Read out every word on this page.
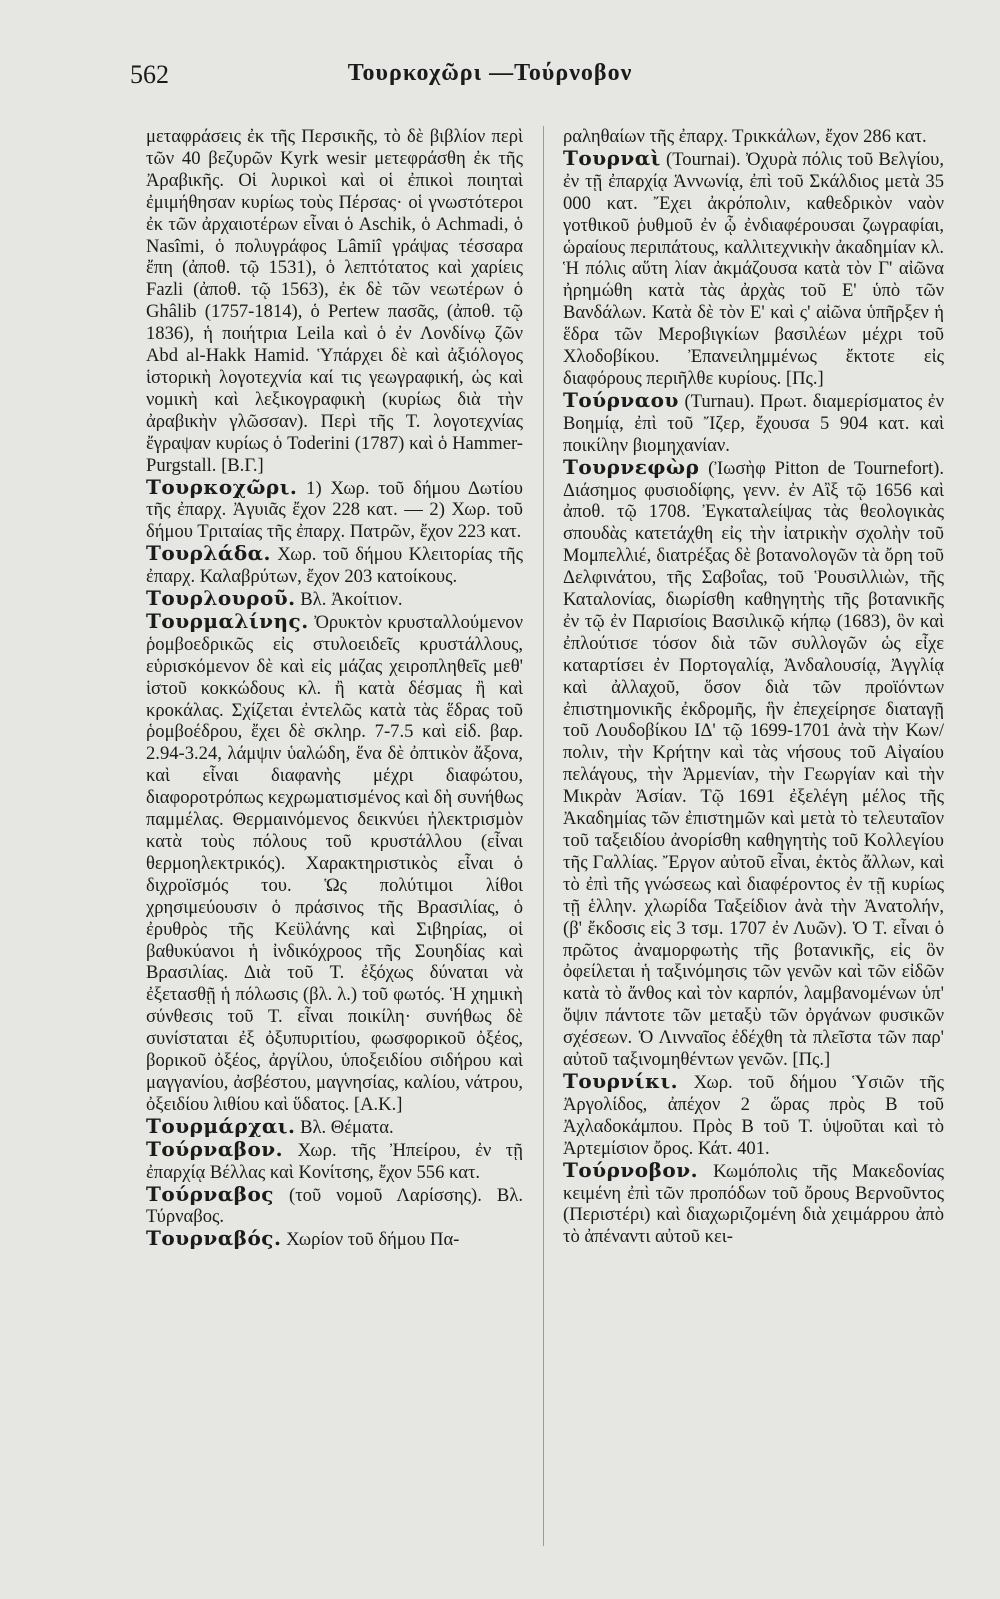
562	Τουρκοχῶρι —Τούρνοβον

μεταφράσεις ἐκ τῆς Περσικῆς, τὸ δὲ βιβλίον περὶ τῶν 40 βεζυρῶν Kyrk wesir μετεφράσθη ἐκ τῆς Ἀραβικῆς. Οἱ λυρικοὶ καὶ οἱ ἐπικοὶ ποιηταὶ ἐμιμήθησαν κυρίως τοὺς Πέρσας· οἱ γνωστότεροι ἐκ τῶν ἀρχαιοτέρων εἶναι ὁ Aschik, ὁ Achmadi, ὁ Nasîmi, ὁ πολυγράφος Lâmiî γράψας τέσσαρα ἔπη (ἀποθ. τῷ 1531), ὁ λεπτότατος καὶ χαρίεις Fazli (ἀποθ. τῷ 1563), ἐκ δὲ τῶν νεωτέρων ὁ Ghâlib (1757-1814), ὁ Pertew πασᾶς, (ἀποθ. τῷ 1836), ἡ ποιήτρια Leila καὶ ὁ ἐν Λονδίνῳ ζῶν Abd al-Hakk Hamid. Ὑπάρχει δὲ καὶ ἀξιόλογος ἱστορικὴ λογοτεχνία καί τις γεωγραφική, ὡς καὶ νομικὴ καὶ λεξικογραφικὴ (κυρίως διὰ τὴν ἀραβικὴν γλῶσσαν). Περὶ τῆς Τ. λογοτεχνίας ἔγραψαν κυρίως ὁ Toderini (1787) καὶ ὁ Hammer-Purgstall. [Β.Γ.]

Τουρκοχῶρι. 1) Χωρ. τοῦ δήμου Δωτίου τῆς ἐπαρχ. Ἀγυιᾶς ἔχον 228 κατ. — 2) Χωρ. τοῦ δήμου Τριταίας τῆς ἐπαρχ. Πατρῶν, ἔχον 223 κατ.

Τουρλάδα. Χωρ. τοῦ δήμου Κλειτορίας τῆς ἐπαρχ. Καλαβρύτων, ἔχον 203 κατοίκους.

Τουρλουροῦ. Βλ. Ἀκοίτιον.

Τουρμαλίνης. Ὀρυκτὸν κρυσταλλούμενον ῥομβοεδρικῶς εἰς στυλοειδεῖς κρυστάλλους, εὑρισκόμενον δὲ καὶ εἰς μάζας χειροπληθεῖς μεθ' ἱστοῦ κοκκώδους κλ. ἢ κατὰ δέσμας ἢ καὶ κροκάλας. Σχίζεται ἐντελῶς κατὰ τὰς ἕδρας τοῦ ῥομβοέδρου, ἔχει δὲ σκληρ. 7-7.5 καὶ εἰδ. βαρ. 2.94-3.24, λάμψιν ὑαλώδη, ἕνα δὲ ὀπτικὸν ἄξονα, καὶ εἶναι διαφανὴς μέχρι διαφώτου, διαφοροτρόπως κεχρωματισμένος καὶ δὴ συνήθως παμμέλας. Θερμαινόμενος δεικνύει ἠλεκτρισμὸν κατὰ τοὺς πόλους τοῦ κρυστάλλου (εἶναι θερμοηλεκτρικός). Χαρακτηριστικὸς εἶναι ὁ διχροϊσμός του. Ὡς πολύτιμοι λίθοι χρησιμεύουσιν ὁ πράσινος τῆς Βρασιλίας, ὁ ἐρυθρὸς τῆς Κεϋλάνης καὶ Σιβηρίας, οἱ βαθυκύανοι ἡ ἰνδικόχροος τῆς Σουηδίας καὶ Βρασιλίας. Διὰ τοῦ Τ. ἐξόχως δύναται νὰ ἐξετασθῇ ἡ πόλωσις (βλ. λ.) τοῦ φωτός. Ἡ χημικὴ σύνθεσις τοῦ Τ. εἶναι ποικίλη· συνήθως δὲ συνίσταται ἐξ ὀξυπυριτίου, φωσφορικοῦ ὀξέος, βορικοῦ ὀξέος, ἀργίλου, ὑποξειδίου σιδήρου καὶ μαγγανίου, ἀσβέστου, μαγνησίας, καλίου, νάτρου, ὀξειδίου λιθίου καὶ ὕδατος. [Α.Κ.]

Τουρμάρχαι. Βλ. Θέματα.

Τούρναβον. Χωρ. τῆς Ἠπείρου, ἐν τῇ ἐπαρχίᾳ Βέλλας καὶ Κονίτσης, ἔχον 556 κατ.

Τούρναβος (τοῦ νομοῦ Λαρίσσης). Βλ. Τύρναβος.

Τουρναβός. Χωρίον τοῦ δήμου Πα-

ραληθαίων τῆς ἐπαρχ. Τρικκάλων, ἔχον 286 κατ.

Τουρναὶ (Tournai). Ὀχυρὰ πόλις τοῦ Βελγίου, ἐν τῇ ἐπαρχίᾳ Ἁννωνίᾳ, ἐπὶ τοῦ Σκάλδιος μετὰ 35 000 κατ. Ἔχει ἀκρόπολιν, καθεδρικὸν ναὸν γοτθικοῦ ῥυθμοῦ ἐν ᾧ ἐνδιαφέρουσαι ζωγραφίαι, ὡραίους περιπάτους, καλλιτεχνικὴν ἀκαδημίαν κλ. Ἡ πόλις αὕτη λίαν ἀκμάζουσα κατὰ τὸν Γ' αἰῶνα ἠρημώθη κατὰ τὰς ἀρχὰς τοῦ Ε' ὑπὸ τῶν Βανδάλων. Κατὰ δὲ τὸν Ε' καὶ ς' αἰῶνα ὑπῆρξεν ἡ ἕδρα τῶν Μεροβιγκίων βασιλέων μέχρι τοῦ Χλοδοβίκου. Ἐπανειλημμένως ἔκτοτε εἰς διαφόρους περιῆλθε κυρίους. [Πς.]

Τούρναου (Turnau). Πρωτ. διαμερίσματος ἐν Βοημίᾳ, ἐπὶ τοῦ Ἴζερ, ἔχουσα 5 904 κατ. καὶ ποικίλην βιομηχανίαν.

Τουρνεφὼρ (Ἰωσὴφ Pitton de Tournefort). Διάσημος φυσιοδίφης, γενν. ἐν Αἲξ τῷ 1656 καὶ ἀποθ. τῷ 1708. Ἐγκαταλείψας τὰς θεολογικὰς σπουδὰς κατετάχθη εἰς τὴν ἰατρικὴν σχολὴν τοῦ Μομπελλιέ, διατρέξας δὲ βοτανολογῶν τὰ ὄρη τοῦ Δελφινάτου, τῆς Σαβοΐας, τοῦ Ῥουσιλλιὼν, τῆς Καταλονίας, διωρίσθη καθηγητὴς τῆς βοτανικῆς ἐν τῷ ἐν Παρισίοις Βασιλικῷ κήπῳ (1683), ὃν καὶ ἐπλούτισε τόσον διὰ τῶν συλλογῶν ὡς εἶχε καταρτίσει ἐν Πορτογαλίᾳ, Ἀνδαλουσίᾳ, Ἀγγλίᾳ καὶ ἀλλαχοῦ, ὅσον διὰ τῶν προϊόντων ἐπιστημονικῆς ἐκδρομῆς, ἣν ἐπεχείρησε διαταγῇ τοῦ Λουδοβίκου ΙΔ' τῷ 1699-1701 ἀνὰ τὴν Κων/πολιν, τὴν Κρήτην καὶ τὰς νήσους τοῦ Αἰγαίου πελάγους, τὴν Ἀρμενίαν, τὴν Γεωργίαν καὶ τὴν Μικρὰν Ἀσίαν. Τῷ 1691 ἐξελέγη μέλος τῆς Ἀκαδημίας τῶν ἐπιστημῶν καὶ μετὰ τὸ τελευταῖον τοῦ ταξειδίου ἀνορίσθη καθηγητὴς τοῦ Κολλεγίου τῆς Γαλλίας. Ἔργον αὐτοῦ εἶναι, ἐκτὸς ἄλλων, καὶ τὸ ἐπὶ τῆς γνώσεως καὶ διαφέροντος ἐν τῇ κυρίως τῇ ἑλλην. χλωρίδα Ταξείδιον ἀνὰ τὴν Ἀνατολήν, (β' ἔκδοσις εἰς 3 τσμ. 1707 ἐν Λυῶν). Ὁ Τ. εἶναι ὁ πρῶτος ἀναμορφωτὴς τῆς βοτανικῆς, εἰς ὃν ὀφείλεται ἡ ταξινόμησις τῶν γενῶν καὶ τῶν εἰδῶν κατὰ τὸ ἄνθος καὶ τὸν καρπόν, λαμβανομένων ὑπ' ὄψιν πάντοτε τῶν μεταξὺ τῶν ὀργάνων φυσικῶν σχέσεων. Ὁ Λινναῖος ἐδέχθη τὰ πλεῖστα τῶν παρ' αὐτοῦ ταξινομηθέντων γενῶν. [Πς.]

Τουρνίκι. Χωρ. τοῦ δήμου Ὑσιῶν τῆς Ἀργολίδος, ἀπέχον 2 ὥρας πρὸς Β τοῦ Ἀχλαδοκάμπου. Πρὸς Β τοῦ Τ. ὑψοῦται καὶ τὸ Ἀρτεμίσιον ὄρος. Κάτ. 401.

Τούρνοβον. Κωμόπολις τῆς Μακεδονίας κειμένη ἐπὶ τῶν προπόδων τοῦ ὄρους Βερνοῦντος (Περιστέρι) καὶ διαχωριζομένη διὰ χειμάρρου ἀπὸ τὸ ἀπέναντι αὐτοῦ κει-
